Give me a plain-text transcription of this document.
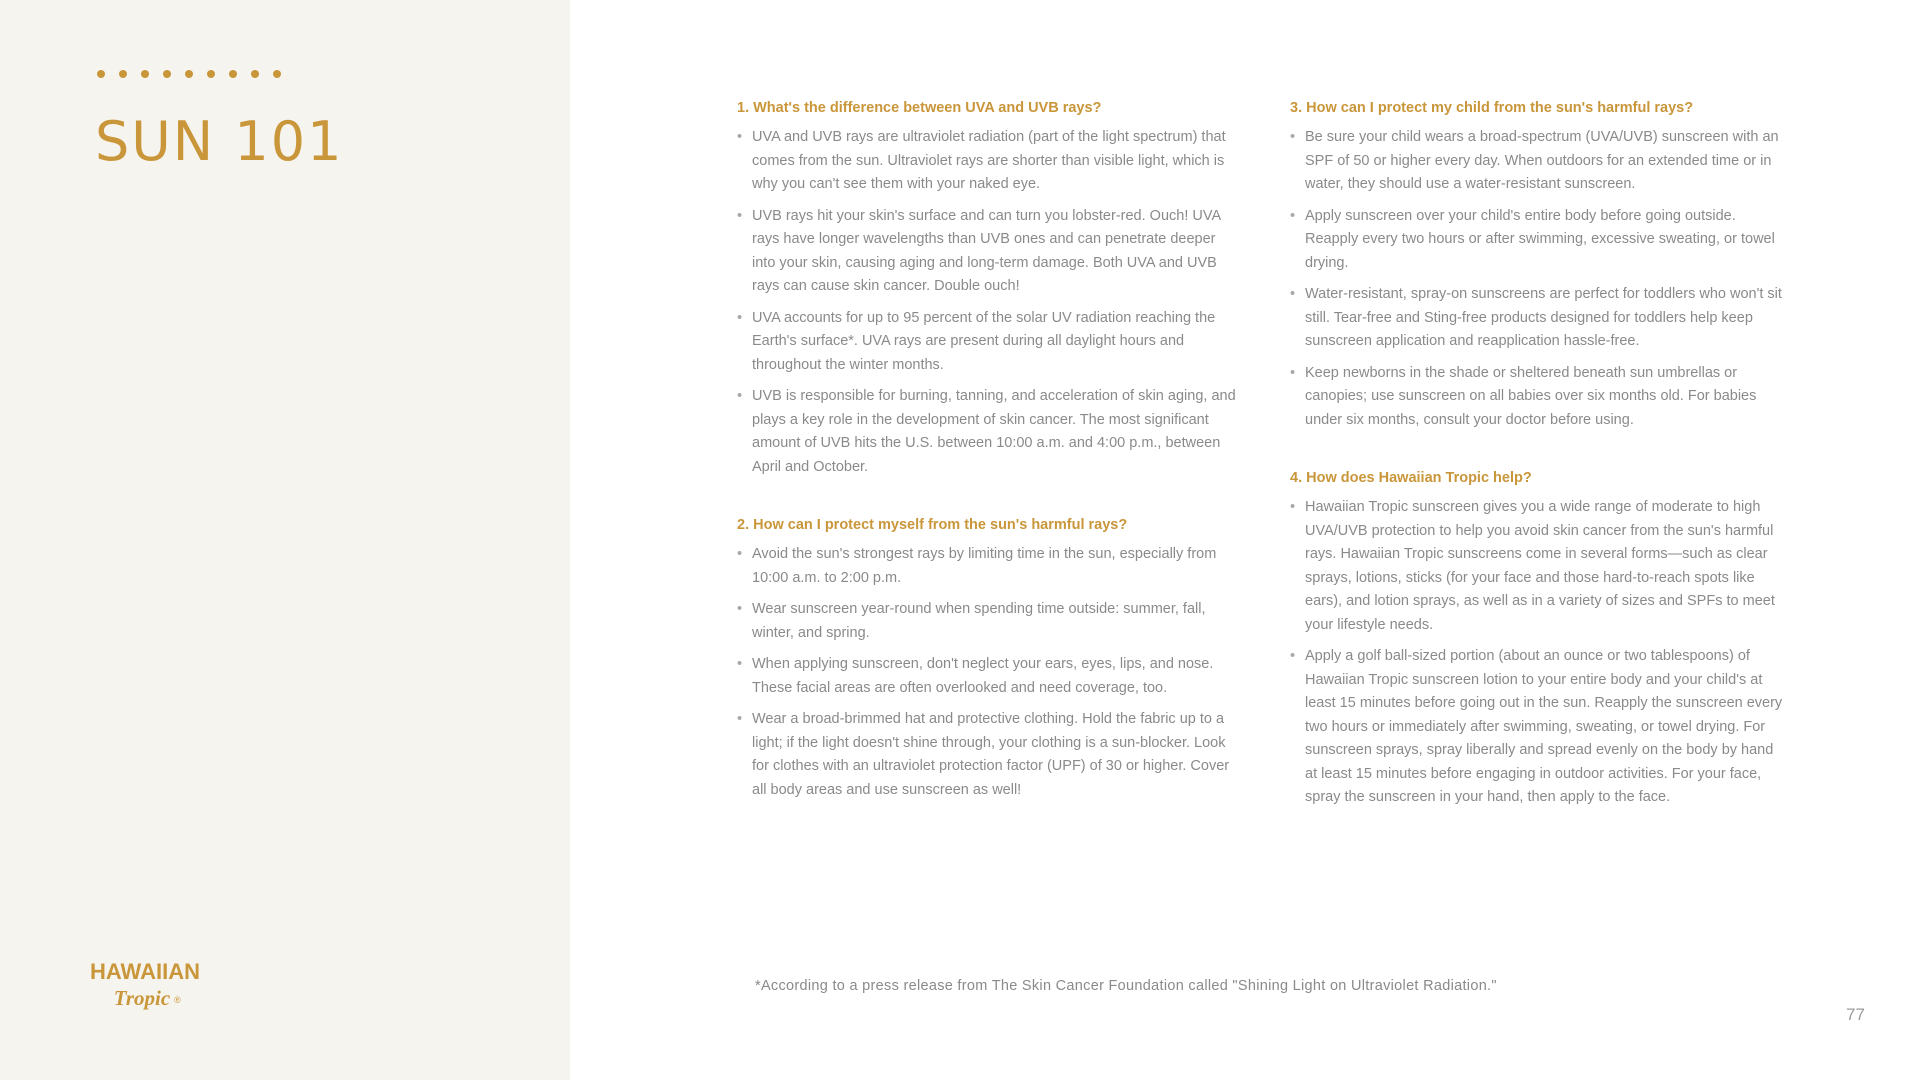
SUN 101
HAWAIIAN
Tropic ®
1. What's the difference between UVA and UVB rays?
• UVA and UVB rays are ultraviolet radiation (part of the light spectrum) that comes from the sun. Ultraviolet rays are shorter than visible light, which is why you can't see them with your naked eye.
• UVB rays hit your skin's surface and can turn you lobster-red. Ouch! UVA rays have longer wavelengths than UVB ones and can penetrate deeper into your skin, causing aging and long-term damage. Both UVA and UVB rays can cause skin cancer. Double ouch!
• UVA accounts for up to 95 percent of the solar UV radiation reaching the Earth's surface*. UVA rays are present during all daylight hours and throughout the winter months.
• UVB is responsible for burning, tanning, and acceleration of skin aging, and plays a key role in the development of skin cancer. The most significant amount of UVB hits the U.S. between 10:00 a.m. and 4:00 p.m., between April and October.
2. How can I protect myself from the sun's harmful rays?
• Avoid the sun's strongest rays by limiting time in the sun, especially from 10:00 a.m. to 2:00 p.m.
• Wear sunscreen year-round when spending time outside: summer, fall, winter, and spring.
• When applying sunscreen, don't neglect your ears, eyes, lips, and nose. These facial areas are often overlooked and need coverage, too.
• Wear a broad-brimmed hat and protective clothing. Hold the fabric up to a light; if the light doesn't shine through, your clothing is a sun-blocker. Look for clothes with an ultraviolet protection factor (UPF) of 30 or higher. Cover all body areas and use sunscreen as well!
3. How can I protect my child from the sun's harmful rays?
• Be sure your child wears a broad-spectrum (UVA/UVB) sunscreen with an SPF of 50 or higher every day. When outdoors for an extended time or in water, they should use a water-resistant sunscreen.
• Apply sunscreen over your child's entire body before going outside. Reapply every two hours or after swimming, excessive sweating, or towel drying.
• Water-resistant, spray-on sunscreens are perfect for toddlers who won't sit still. Tear-free and Sting-free products designed for toddlers help keep sunscreen application and reapplication hassle-free.
• Keep newborns in the shade or sheltered beneath sun umbrellas or canopies; use sunscreen on all babies over six months old. For babies under six months, consult your doctor before using.
4. How does Hawaiian Tropic help?
• Hawaiian Tropic sunscreen gives you a wide range of moderate to high UVA/UVB protection to help you avoid skin cancer from the sun's harmful rays. Hawaiian Tropic sunscreens come in several forms—such as clear sprays, lotions, sticks (for your face and those hard-to-reach spots like ears), and lotion sprays, as well as in a variety of sizes and SPFs to meet your lifestyle needs.
• Apply a golf ball-sized portion (about an ounce or two tablespoons) of Hawaiian Tropic sunscreen lotion to your entire body and your child's at least 15 minutes before going out in the sun. Reapply the sunscreen every two hours or immediately after swimming, sweating, or towel drying. For sunscreen sprays, spray liberally and spread evenly on the body by hand at least 15 minutes before engaging in outdoor activities. For your face, spray the sunscreen in your hand, then apply to the face.
*According to a press release from The Skin Cancer Foundation called "Shining Light on Ultraviolet Radiation."
77
